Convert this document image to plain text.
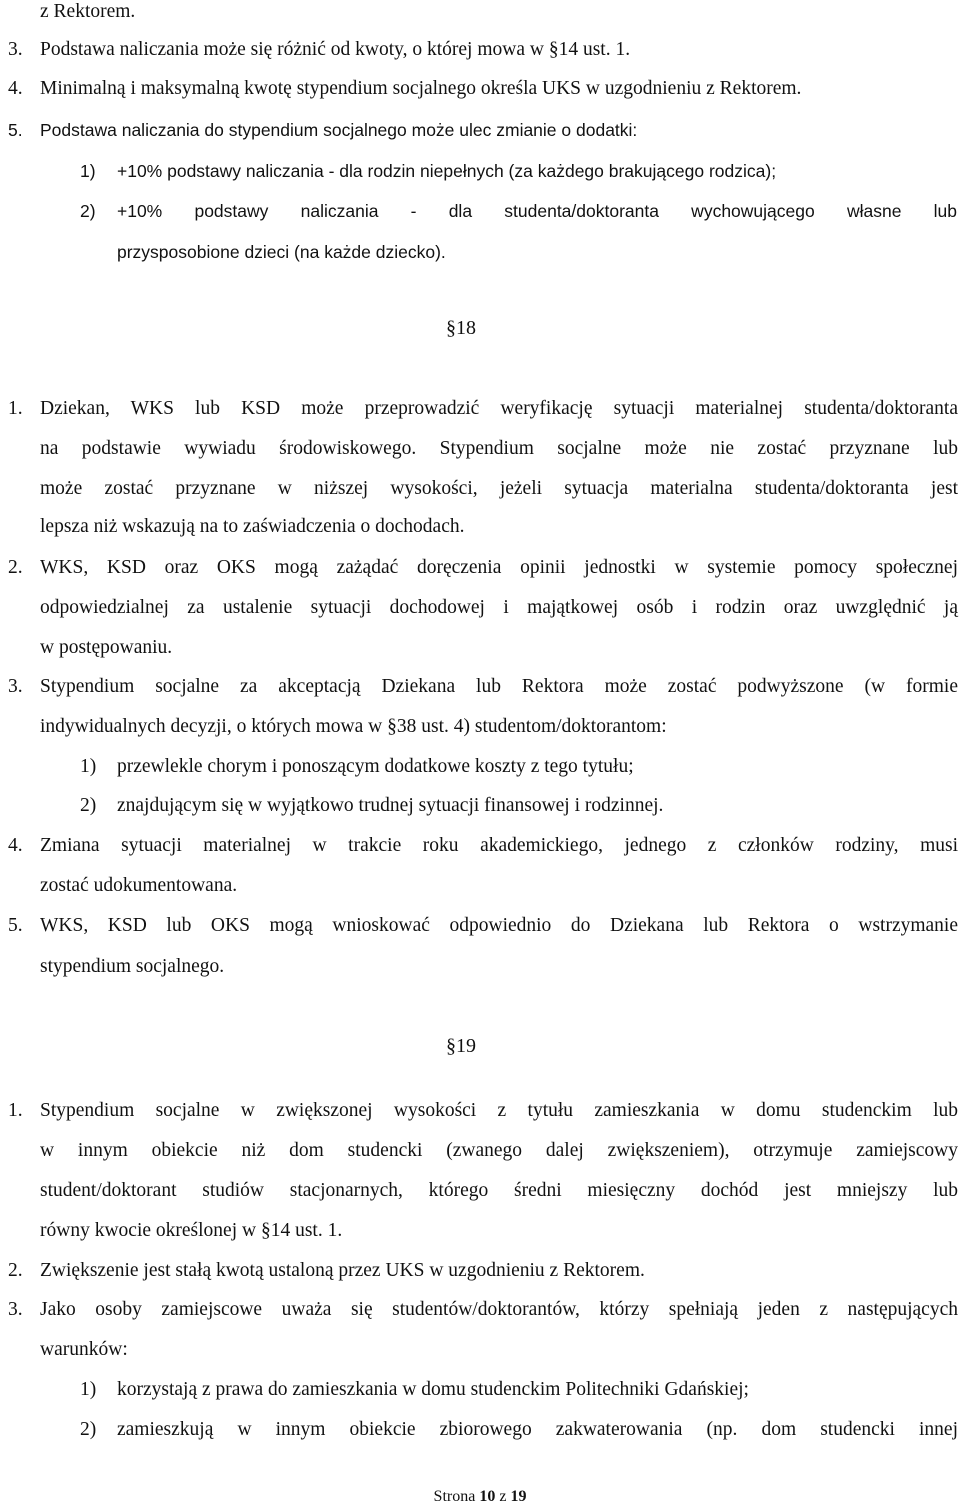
z Rektorem.
3. Podstawa naliczania może się różnić od kwoty, o której mowa w §14 ust. 1.
4. Minimalną i maksymalną kwotę stypendium socjalnego określa UKS w uzgodnieniu z Rektorem.
5. Podstawa naliczania do stypendium socjalnego może ulec zmianie o dodatki:
1) +10% podstawy naliczania - dla rodzin niepełnych (za każdego brakującego rodzica);
2) +10% podstawy naliczania - dla studenta/doktoranta wychowującego własne lub
przysposobione dzieci (na każde dziecko).
§18
1. Dziekan, WKS lub KSD może przeprowadzić weryfikację sytuacji materialnej studenta/doktoranta
na podstawie wywiadu środowiskowego. Stypendium socjalne może nie zostać przyznane lub
może zostać przyznane w niższej wysokości, jeżeli sytuacja materialna studenta/doktoranta jest
lepsza niż wskazują na to zaświadczenia o dochodach.
2. WKS, KSD oraz OKS mogą zażądać doręczenia opinii jednostki w systemie pomocy społecznej
odpowiedzialnej za ustalenie sytuacji dochodowej i majątkowej osób i rodzin oraz uwzględnić ją
w postępowaniu.
3. Stypendium socjalne za akceptacją Dziekana lub Rektora może zostać podwyższone (w formie
indywidualnych decyzji, o których mowa w §38 ust. 4) studentom/doktorantom:
1) przewlekle chorym i ponoszącym dodatkowe koszty z tego tytułu;
2) znajdującym się w wyjątkowo trudnej sytuacji finansowej i rodzinnej.
4. Zmiana sytuacji materialnej w trakcie roku akademickiego, jednego z członków rodziny, musi
zostać udokumentowana.
5. WKS, KSD lub OKS mogą wnioskować odpowiednio do Dziekana lub Rektora o wstrzymanie
stypendium socjalnego.
§19
1. Stypendium socjalne w zwiększonej wysokości z tytułu zamieszkania w domu studenckim lub
w innym obiekcie niż dom studencki (zwanego dalej zwiększeniem), otrzymuje zamiejscowy
student/doktorant studiów stacjonarnych, którego średni miesięczny dochód jest mniejszy lub
równy kwocie określonej w §14 ust. 1.
2. Zwiększenie jest stałą kwotą ustaloną przez UKS w uzgodnieniu z Rektorem.
3. Jako osoby zamiejscowe uważa się studentów/doktorantów, którzy spełniają jeden z następujących
warunków:
1) korzystają z prawa do zamieszkania w domu studenckim Politechniki Gdańskiej;
2) zamieszkują w innym obiekcie zbiorowego zakwaterowania (np. dom studencki innej
Strona 10 z 19
